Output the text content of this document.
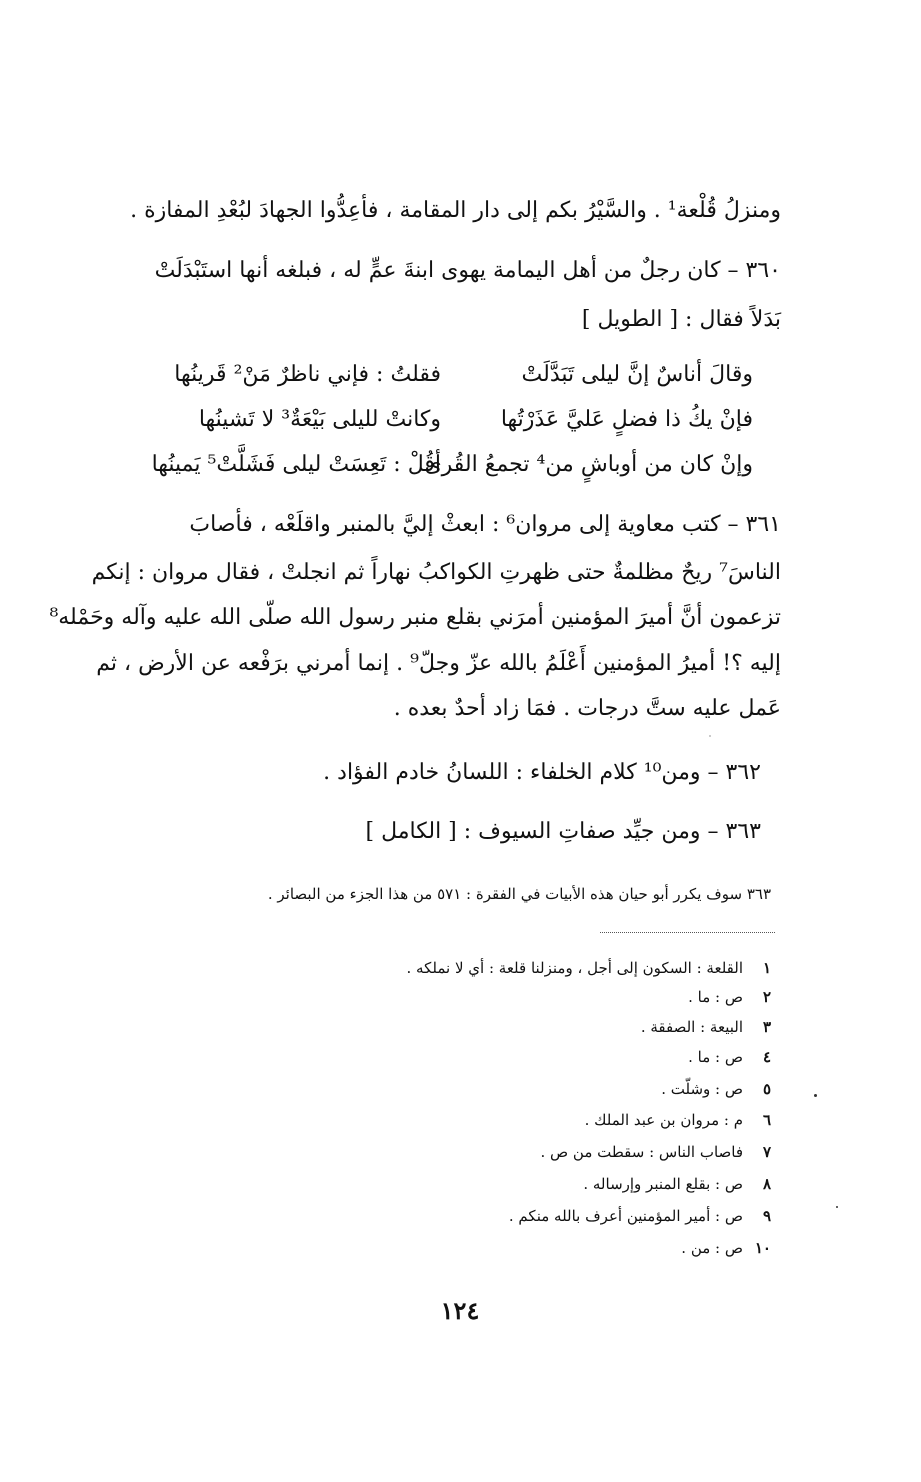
ومنزلُ قُلْعة¹ . والسَّيْرُ بكم إلى دار المقامة ، فأعِدُّوا الجهادَ لبُعْدِ المفازة .
٣٦٠ – كان رجلٌ من أهل اليمامة يهوى ابنةَ عمٍّ له ، فبلغه أنها استَبْدَلَتْ
بَدَلاً فقال : [ الطويل ]
وقالَ أناسٌ إنَّ ليلى تَبَدَّلَتْ
فقلتُ : فإني ناظرٌ مَنْ² قَرينُها
فإنْ يكُ ذا فضلٍ عَليَّ عَذَرْتُها
وكانتْ لليلى بَيْعَةٌ³ لا تَشينُها
وإنْ كان من أوباشٍ من⁴ تجمعُ القُرى
أقُلْ : تَعِسَتْ ليلى فَشَلَّتْ⁵ يَمينُها
٣٦١ – كتب معاوية إلى مروان⁶ : ابعثْ إليَّ بالمنبر واقلَعْه ، فأصابَ
الناسَ⁷ ريحٌ مظلمةٌ حتى ظهرتِ الكواكبُ نهاراً ثم انجلتْ ، فقال مروان : إنكم
تزعمون أنَّ أميرَ المؤمنين أمرَني بقلع منبر رسول الله صلّى الله عليه وآله وحَمْله⁸
إليه ؟! أميرُ المؤمنين أَعْلَمُ بالله عزّ وجلّ⁹ . إنما أمرني برَفْعه عن الأرض ، ثم
عَمل عليه ستَّ درجات . فمَا زاد أحدٌ بعده .
٣٦٢ – ومن¹⁰ كلام الخلفاء : اللسانُ خادم الفؤاد .
٣٦٣ – ومن جيِّد صفاتِ السيوف : [ الكامل ]
٣٦٣ سوف يكرر أبو حيان هذه الأبيات في الفقرة : ٥٧١ من هذا الجزء من البصائر .
١القلعة : السكون إلى أجل ، ومنزلنا قلعة : أي لا نملكه .
٢ص : ما .
٣البيعة : الصفقة .
٤ص : ما .
٥ص : وشلّت .
٦م : مروان بن عبد الملك .
٧فاصاب الناس : سقطت من ص .
٨ص : بقلع المنبر وإرساله .
٩ص : أمير المؤمنين أعرف بالله منكم .
١٠ص : من .
١٢٤
